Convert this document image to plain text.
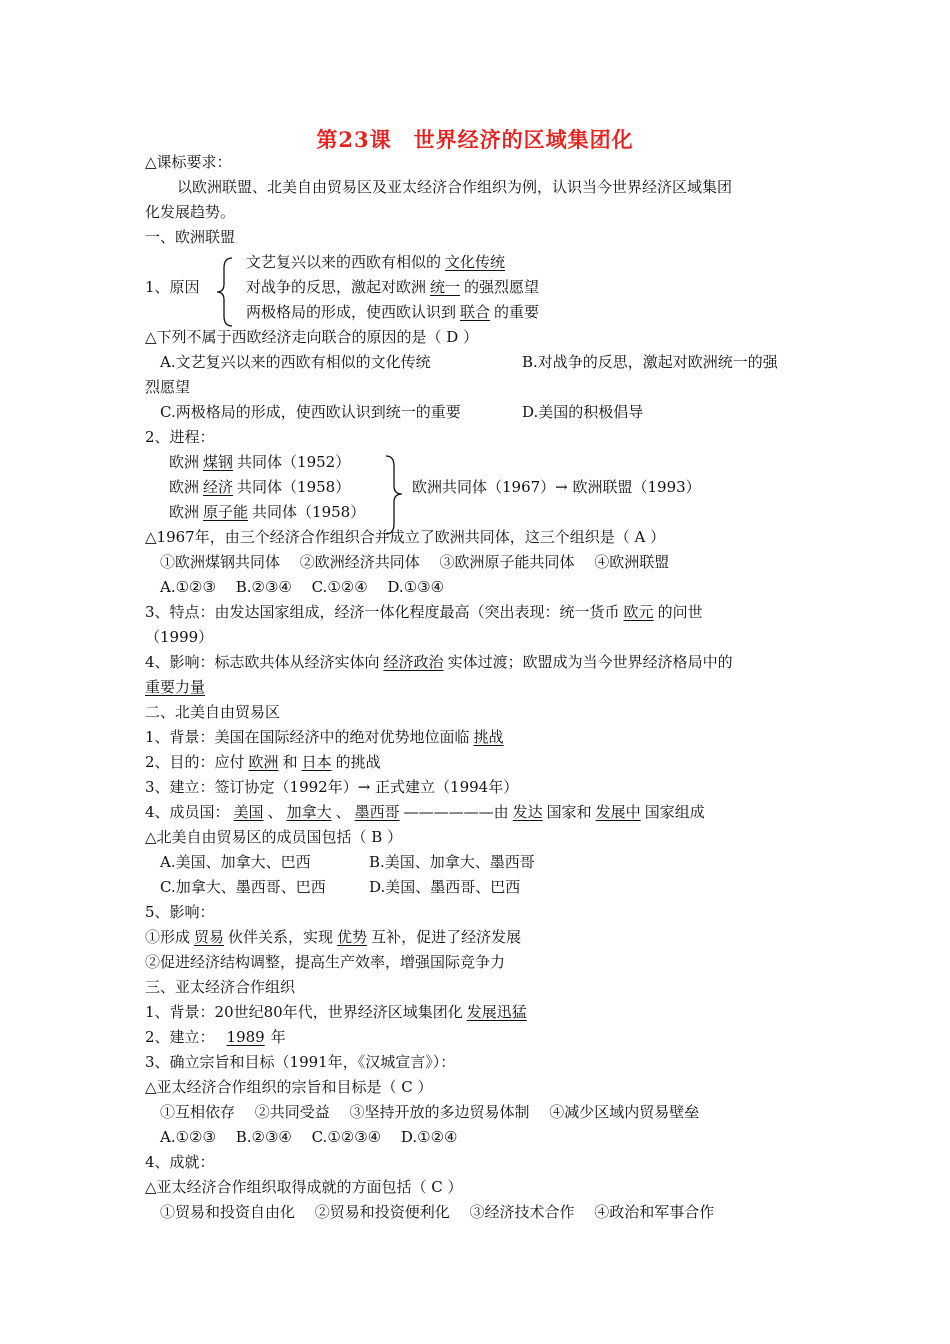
第23课　世界经济的区域集团化
△课标要求：
以欧洲联盟、北美自由贸易区及亚太经济合作组织为例，认识当今世界经济区域集团
化发展趋势。
一、欧洲联盟
1、原因
文艺复兴以来的西欧有相似的 文化传统
对战争的反思，激起对欧洲 统一 的强烈愿望
两极格局的形成，使西欧认识到 联合 的重要
△下列不属于西欧经济走向联合的原因的是（ D ）
A.文艺复兴以来的西欧有相似的文化传统	B.对战争的反思，激起对欧洲统一的强
烈愿望
C.两极格局的形成，使西欧认识到统一的重要	D.美国的积极倡导
2、进程：
欧洲 煤钢 共同体（1952）
欧洲 经济 共同体（1958）
欧洲 原子能 共同体（1958）
欧洲共同体（1967）→ 欧洲联盟（1993）
△1967年，由三个经济合作组织合并成立了欧洲共同体，这三个组织是（ A ）
①欧洲煤钢共同体　 ②欧洲经济共同体　 ③欧洲原子能共同体　 ④欧洲联盟
A.①②③　 B.②③④　 C.①②④　 D.①③④
3、特点：由发达国家组成，经济一体化程度最高（突出表现：统一货币 欧元 的问世
（1999）
4、影响：标志欧共体从经济实体向 经济政治 实体过渡；欧盟成为当今世界经济格局中的
重要力量
二、北美自由贸易区
1、背景：美国在国际经济中的绝对优势地位面临 挑战
2、目的：应付 欧洲 和 日本 的挑战
3、建立：签订协定（1992年）→ 正式建立（1994年）
4、成员国： 美国 、 加拿大 、 墨西哥 ——————由 发达 国家和 发展中 国家组成
△北美自由贸易区的成员国包括（ B ）
A.美国、加拿大、巴西	B.美国、加拿大、墨西哥
C.加拿大、墨西哥、巴西	D.美国、墨西哥、巴西
5、影响：
①形成 贸易 伙伴关系，实现 优势 互补，促进了经济发展
②促进经济结构调整，提高生产效率，增强国际竞争力
三、亚太经济合作组织
1、背景：20世纪80年代，世界经济区域集团化 发展迅猛
2、建立： 1989 年
3、确立宗旨和目标（1991年，《汉城宣言》）：
△亚太经济合作组织的宗旨和目标是（ C ）
①互相依存　 ②共同受益　 ③坚持开放的多边贸易体制　 ④减少区域内贸易壁垒
A.①②③　 B.②③④　 C.①②③④　 D.①②④
4、成就：
△亚太经济合作组织取得成就的方面包括（ C ）
①贸易和投资自由化　 ②贸易和投资便利化　 ③经济技术合作　 ④政治和军事合作
